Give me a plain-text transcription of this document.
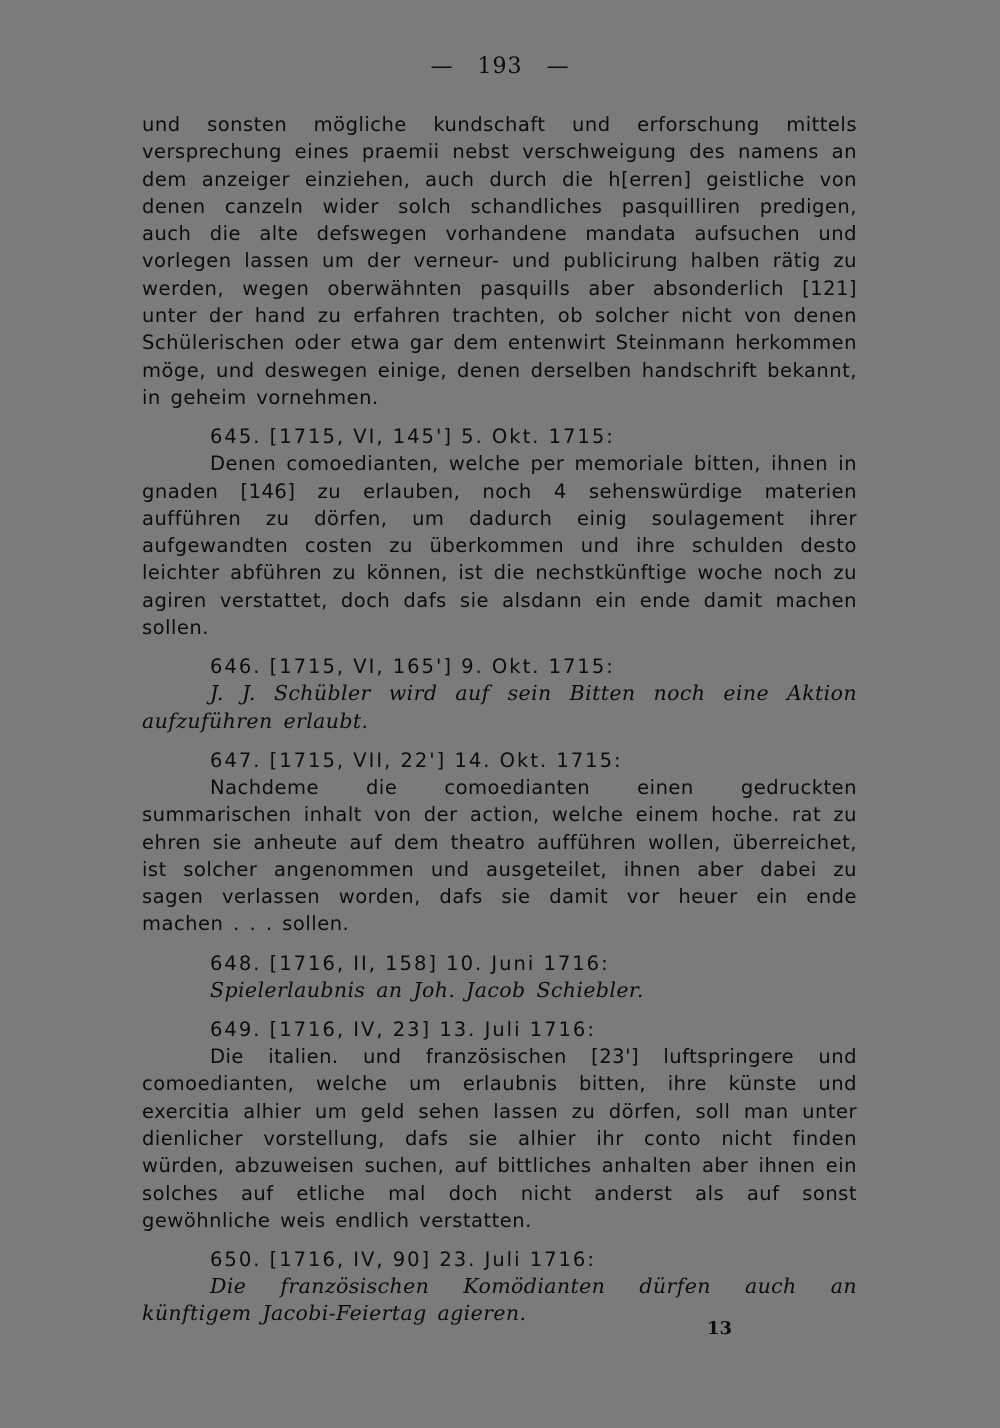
— 193 —

und sonsten mögliche kundschaft und erforschung mittels versprechung eines praemii nebst verschweigung des namens an dem anzeiger einziehen, auch durch die h[erren] geistliche von denen canzeln wider solch schandliches pasquilliren predigen, auch die alte defswegen vorhandene mandata aufsuchen und vorlegen lassen um der verneur- und publicirung halben rätig zu werden, wegen oberwähnten pasquills aber absonderlich [121] unter der hand zu erfahren trachten, ob solcher nicht von denen Schülerischen oder etwa gar dem entenwirt Steinmann herkommen möge, und deswegen einige, denen derselben handschrift bekannt, in geheim vornehmen.

645. [1715, VI, 145'] 5. Okt. 1715:

Denen comoedianten, welche per memoriale bitten, ihnen in gnaden [146] zu erlauben, noch 4 sehenswürdige materien aufführen zu dörfen, um dadurch einig soulagement ihrer aufgewandten costen zu überkommen und ihre schulden desto leichter abführen zu können, ist die nechstkünftige woche noch zu agiren verstattet, doch dafs sie alsdann ein ende damit machen sollen.

646. [1715, VI, 165'] 9. Okt. 1715:

J. J. Schübler wird auf sein Bitten noch eine Aktion aufzuführen erlaubt.

647. [1715, VII, 22'] 14. Okt. 1715:

Nachdeme die comoedianten einen gedruckten summarischen inhalt von der action, welche einem hoche. rat zu ehren sie anheute auf dem theatro aufführen wollen, überreichet, ist solcher angenommen und ausgeteilet, ihnen aber dabei zu sagen verlassen worden, dafs sie damit vor heuer ein ende machen . . . sollen.

648. [1716, II, 158] 10. Juni 1716:

Spielerlaubnis an Joh. Jacob Schiebler.

649. [1716, IV, 23] 13. Juli 1716:

Die italien. und französischen [23'] luftspringere und comoedianten, welche um erlaubnis bitten, ihre künste und exercitia alhier um geld sehen lassen zu dörfen, soll man unter dienlicher vorstellung, dafs sie alhier ihr conto nicht finden würden, abzuweisen suchen, auf bittliches anhalten aber ihnen ein solches auf etliche mal doch nicht anderst als auf sonst gewöhnliche weis endlich verstatten.

650. [1716, IV, 90] 23. Juli 1716:

Die französischen Komödianten dürfen auch an künftigem Jacobi-Feiertag agieren.

13
